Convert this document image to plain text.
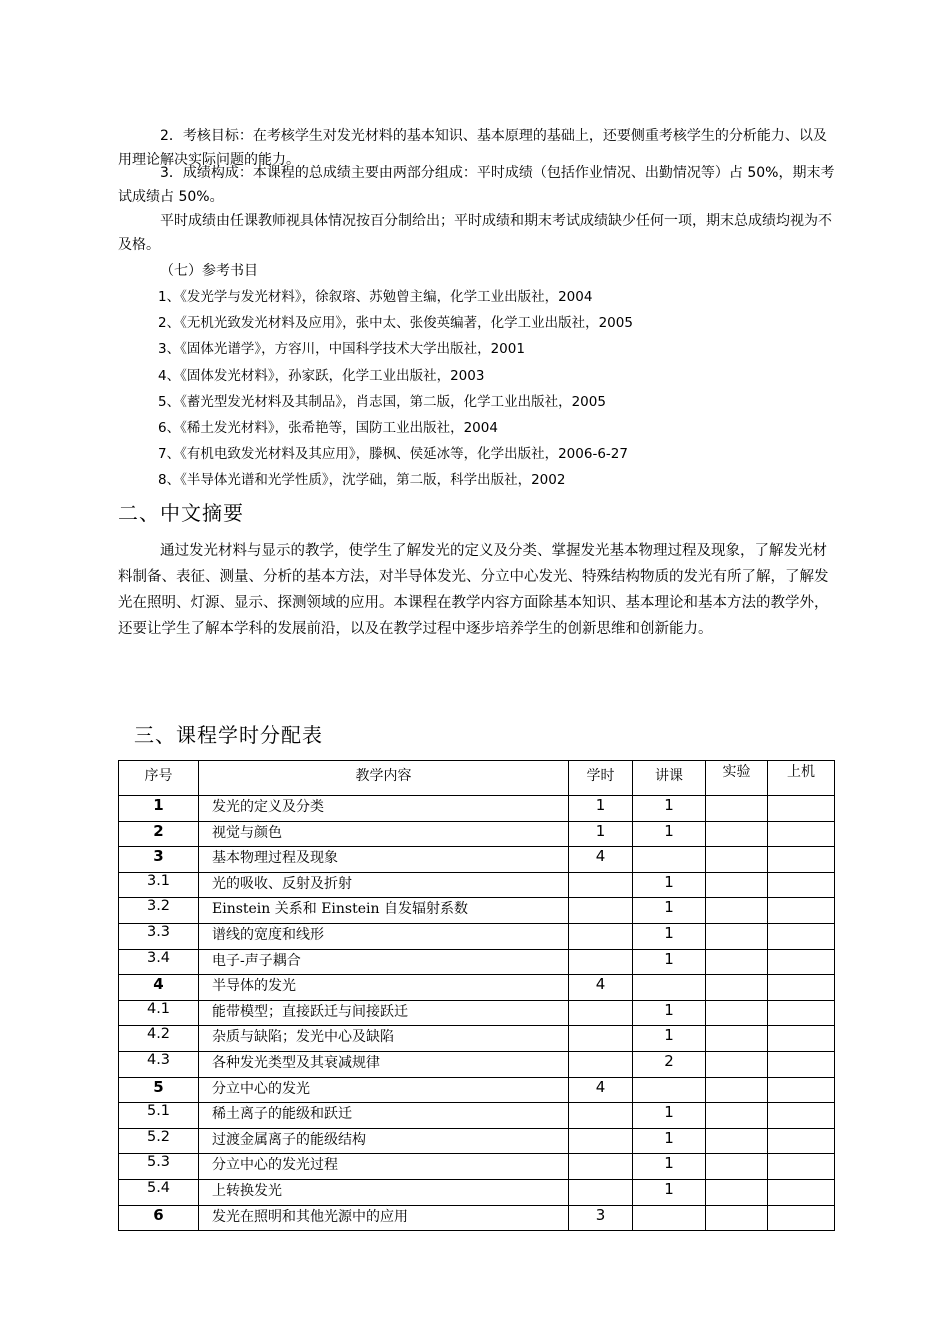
2．考核目标：在考核学生对发光材料的基本知识、基本原理的基础上，还要侧重考核学生的分析能力、以及用理论解决实际问题的能力。

3．成绩构成：本课程的总成绩主要由两部分组成：平时成绩（包括作业情况、出勤情况等）占 50%，期末考试成绩占 50%。

平时成绩由任课教师视具体情况按百分制给出；平时成绩和期末考试成绩缺少任何一项，期末总成绩均视为不及格。

（七）参考书目
1、《发光学与发光材料》，徐叙瑢、苏勉曾主编，化学工业出版社，2004
2、《无机光致发光材料及应用》，张中太、张俊英编著，化学工业出版社，2005
3、《固体光谱学》，方容川，中国科学技术大学出版社，2001
4、《固体发光材料》，孙家跃，化学工业出版社，2003
5、《蓄光型发光材料及其制品》，肖志国，第二版，化学工业出版社，2005
6、《稀土发光材料》，张希艳等，国防工业出版社，2004
7、《有机电致发光材料及其应用》，滕枫、侯延冰等，化学出版社，2006-6-27
8、《半导体光谱和光学性质》，沈学础，第二版，科学出版社，2002
二、中文摘要

通过发光材料与显示的教学，使学生了解发光的定义及分类、掌握发光基本物理过程及现象，了解发光材料制备、表征、测量、分析的基本方法，对半导体发光、分立中心发光、特殊结构物质的发光有所了解，了解发光在照明、灯源、显示、探测领域的应用。本课程在教学内容方面除基本知识、基本理论和基本方法的教学外，还要让学生了解本学科的发展前沿，以及在教学过程中逐步培养学生的创新思维和创新能力。

三、课程学时分配表
序号	教学内容	学时	讲课	实验	上机
1	发光的定义及分类	1	1		
2	视觉与颜色	1	1		
3	基本物理过程及现象	4			
3.1	光的吸收、反射及折射		1		
3.2	Einstein 关系和 Einstein 自发辐射系数		1		
3.3	谱线的宽度和线形		1		
3.4	电子-声子耦合		1		
4	半导体的发光	4			
4.1	能带模型；直接跃迁与间接跃迁		1		
4.2	杂质与缺陷；发光中心及缺陷		1		
4.3	各种发光类型及其衰减规律		2		
5	分立中心的发光	4			
5.1	稀土离子的能级和跃迁		1		
5.2	过渡金属离子的能级结构		1		
5.3	分立中心的发光过程		1		
5.4	上转换发光		1		
6	发光在照明和其他光源中的应用	3			
